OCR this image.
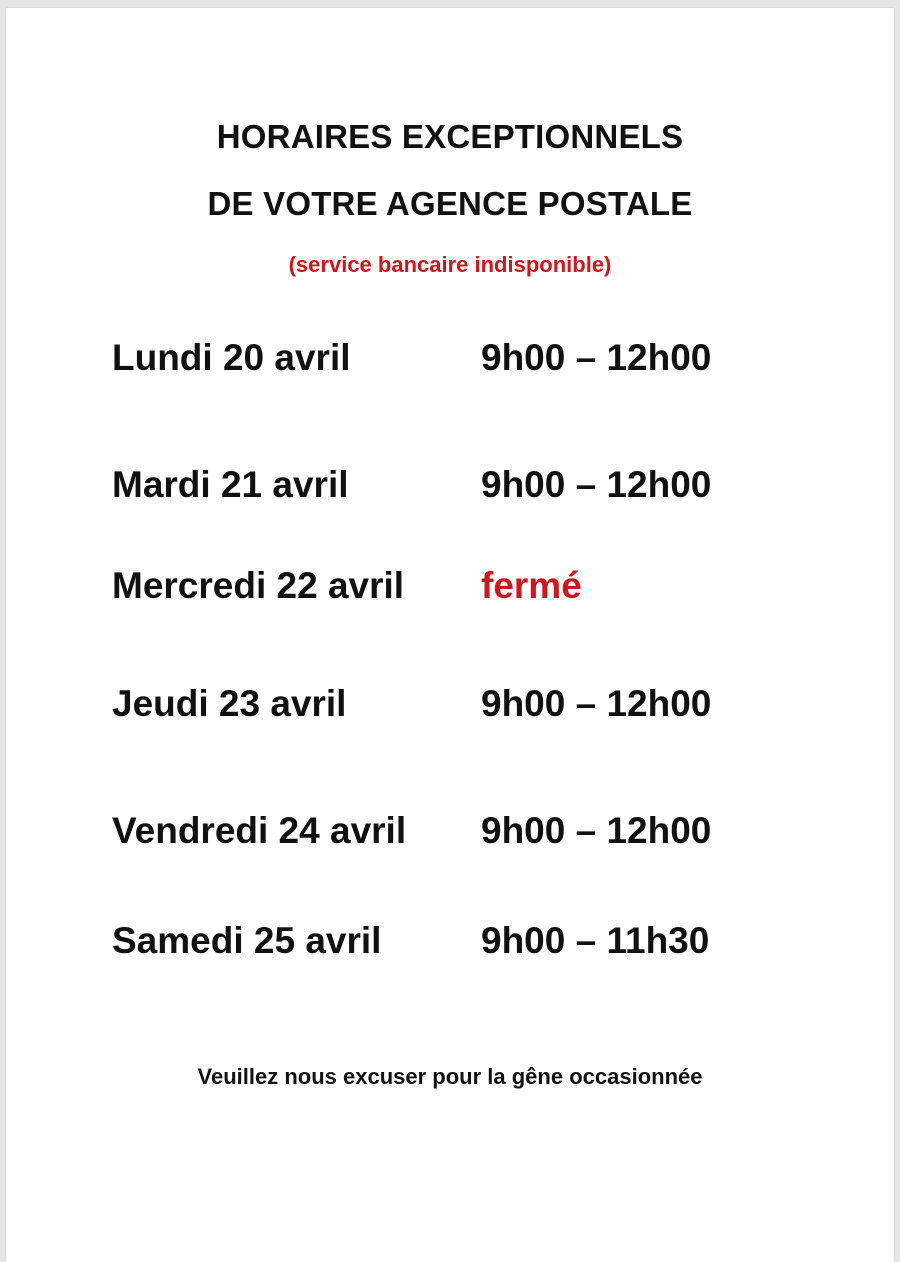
HORAIRES EXCEPTIONNELS
DE VOTRE AGENCE POSTALE
(service bancaire indisponible)
Lundi 20 avril	9h00 – 12h00
Mardi 21 avril	9h00 – 12h00
Mercredi 22 avril fermé
Jeudi 23 avril	9h00 – 12h00
Vendredi 24 avril 9h00 – 12h00
Samedi 25 avril	9h00 – 11h30
Veuillez nous excuser pour la gêne occasionnée
